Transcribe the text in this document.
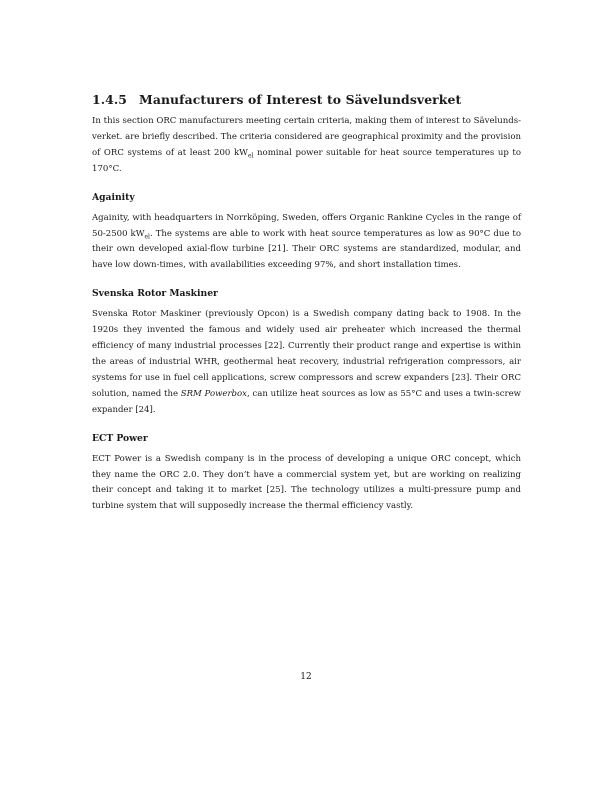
1.4.5 Manufacturers of Interest to Sävelundsverket

In this section ORC manufacturers meeting certain criteria, making them of interest to Sävelunds-verket. are briefly described. The criteria considered are geographical proximity and the provision of ORC systems of at least 200 $kW_{el}$ nominal power suitable for heat source temperatures up to 170°C.

Againity

Againity, with headquarters in Norrköping, Sweden, offers Organic Rankine Cycles in the range of 50-2500 $kW_{el}$. The systems are able to work with heat source temperatures as low as 90°C due to their own developed axial-flow turbine [21]. Their ORC systems are standardized, modular, and have low down-times, with availabilities exceeding 97%, and short installation times.

Svenska Rotor Maskiner

Svenska Rotor Maskiner (previously Opcon) is a Swedish company dating back to 1908. In the 1920s they invented the famous and widely used air preheater which increased the thermal efficiency of many industrial processes [22]. Currently their product range and expertise is within the areas of industrial WHR, geothermal heat recovery, industrial refrigeration compressors, air systems for use in fuel cell applications, screw compressors and screw expanders [23]. Their ORC solution, named the SRM Powerbox, can utilize heat sources as low as 55°C and uses a twin-screw expander [24].

ECT Power

ECT Power is a Swedish company is in the process of developing a unique ORC concept, which they name the ORC 2.0. They don’t have a commercial system yet, but are working on realizing their concept and taking it to market [25]. The technology utilizes a multi-pressure pump and turbine system that will supposedly increase the thermal efficiency vastly.

12
